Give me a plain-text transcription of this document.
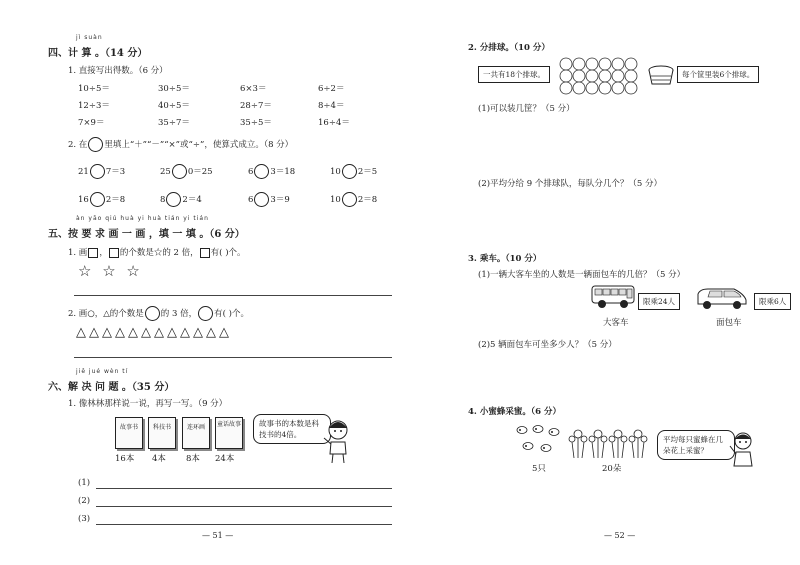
jì suàn
四、计 算 。（14 分）
1. 直接写出得数。（6 分）
10÷5＝	30÷5＝	6×3＝	6÷2＝
12÷3＝	40÷5＝	28÷7＝	8÷4＝
7×9＝	35÷7＝	35÷5＝	16÷4＝
2. 在 里填上“＋”“－”“×”或“÷”，使算式成立。（8 分）
21 7＝3	25 0＝25	6 3＝18	10 2＝5
16 2＝8	8 2＝4	6 3＝9	10 2＝8
àn yāo qiú huà yi huà tián yi tián
五、按 要 求 画 一 画 ，填 一 填 。（6 分）
1. 画 ， 的个数是☆的 2 倍， 有( )个。
☆ ☆ ☆
2. 画○，△的个数是 的 3 倍， 有( )个。
△△△△△△△△△△△△
jiě jué wèn tí
六、解 决 问 题 。（35 分）
1. 像林林那样说一说，再写一写。（9 分）
故事书
16本
科技书
4本
连环画
8本
童话故事
24本
故事书的本数是科技书的4倍。
(1)
(2)
(3)
— 51 —
2. 分排球。（10 分）
一共有18个排球。	每个筐里装6个排球。
(1)可以装几筐？（5 分）
(2)平均分给 9 个排球队，每队分几个？（5 分）
3. 乘车。（10 分）
(1)一辆大客车坐的人数是一辆面包车的几倍？（5 分）
限乘24人
大客车
限乘6人
面包车
(2)5 辆面包车可坐多少人？（5 分）
4. 小蜜蜂采蜜。（6 分）
5只	20朵
平均每只蜜蜂在几朵花上采蜜？
— 52 —
